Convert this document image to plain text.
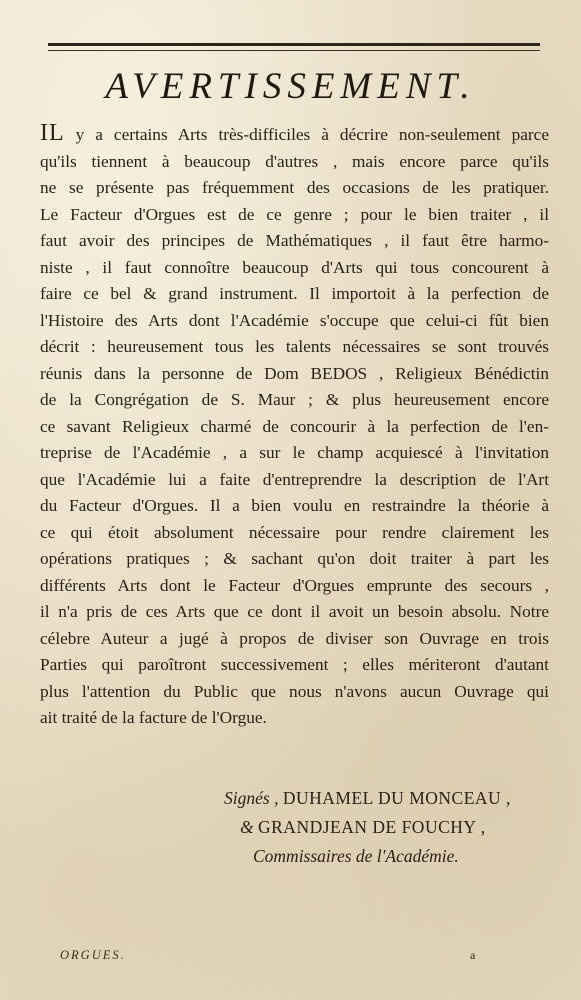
AVERTISSEMENT.
IL y a certains Arts très-difficiles à décrire non-seulement parce
qu'ils tiennent à beaucoup d'autres , mais encore parce qu'ils
ne se présente pas fréquemment des occasions de les pratiquer.
Le Facteur d'Orgues est de ce genre ; pour le bien traiter , il
faut avoir des principes de Mathématiques , il faut être harmo-
niste , il faut connoître beaucoup d'Arts qui tous concourent à
faire ce bel & grand instrument. Il importoit à la perfection de
l'Histoire des Arts dont l'Académie s'occupe que celui-ci fût bien
décrit : heureusement tous les talents nécessaires se sont trouvés
réunis dans la personne de Dom BEDOS , Religieux Bénédictin
de la Congrégation de S. Maur ; & plus heureusement encore
ce savant Religieux charmé de concourir à la perfection de l'en-
treprise de l'Académie , a sur le champ acquiescé à l'invitation
que l'Académie lui a faite d'entreprendre la description de l'Art
du Facteur d'Orgues. Il a bien voulu en restraindre la théorie à
ce qui étoit absolument nécessaire pour rendre clairement les
opérations pratiques ; & sachant qu'on doit traiter à part les
différents Arts dont le Facteur d'Orgues emprunte des secours ,
il n'a pris de ces Arts que ce dont il avoit un besoin absolu. Notre
célebre Auteur a jugé à propos de diviser son Ouvrage en trois
Parties qui paroîtront successivement ; elles mériteront d'autant
plus l'attention du Public que nous n'avons aucun Ouvrage qui
ait traité de la facture de l'Orgue.
Signés , DUHAMEL DU MONCEAU ,
& GRANDJEAN DE FOUCHY ,
Commissaires de l'Académie.
ORGUES.	a
